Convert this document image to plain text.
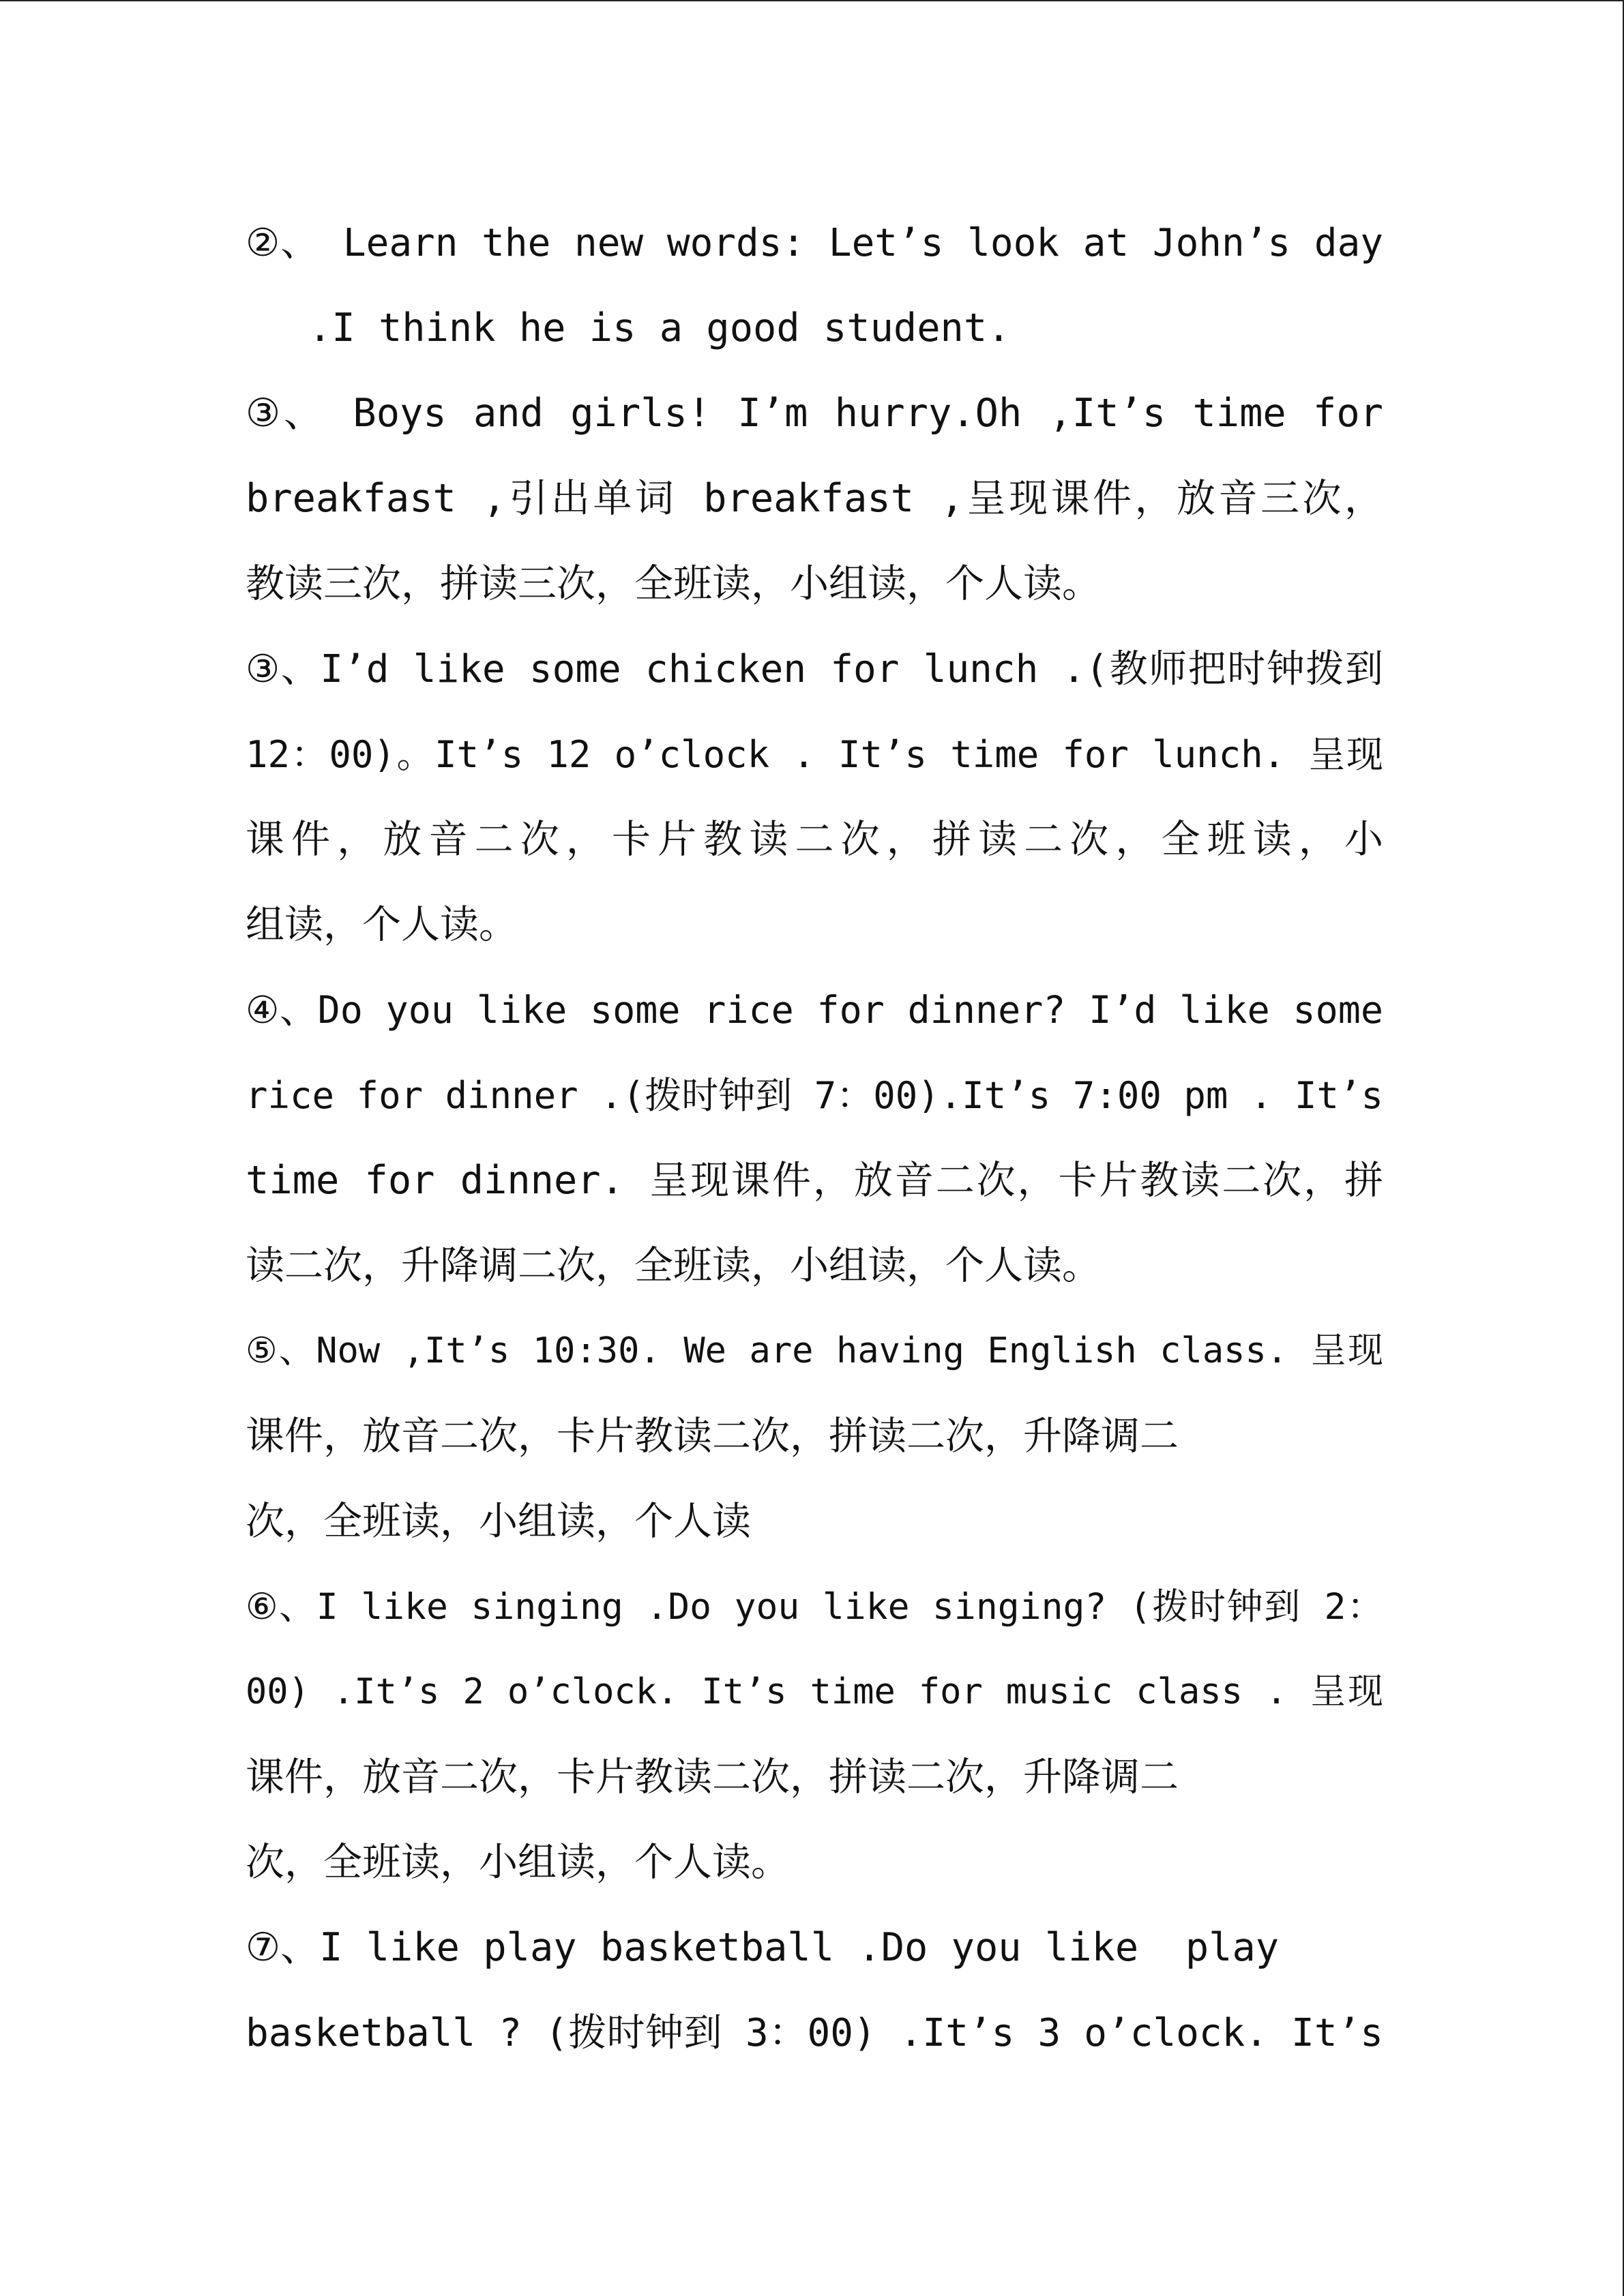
②、 Learn the new words: Let’s look at John’s day
.I think he is a good student.
③、 Boys and girls! I’m hurry.Oh ,It’s time for
breakfast ,引出单词 breakfast ,呈现课件，放音三次，
教读三次，拼读三次，全班读，小组读，个人读。
③、I’d like some chicken for lunch .(教师把时钟拨到
12：00)。It’s 12 o’clock . It’s time for lunch. 呈现
课件，放音二次，卡片教读二次，拼读二次，全班读，小
组读，个人读。
④、Do you like some rice for dinner? I’d like some
rice for dinner .(拨时钟到 7：00).It’s 7:00 pm . It’s
time for dinner. 呈现课件，放音二次，卡片教读二次，拼
读二次，升降调二次，全班读，小组读，个人读。
⑤、Now ,It’s 10:30. We are having English class. 呈现
课件，放音二次，卡片教读二次，拼读二次，升降调二
次，全班读，小组读，个人读
⑥、I like singing .Do you like singing? (拨时钟到 2：
00) .It’s 2 o’clock. It’s time for music class . 呈现
课件，放音二次，卡片教读二次，拼读二次，升降调二
次，全班读，小组读，个人读。
⑦、I like play basketball .Do you like  play
basketball ? (拨时钟到 3：00) .It’s 3 o’clock. It’s
